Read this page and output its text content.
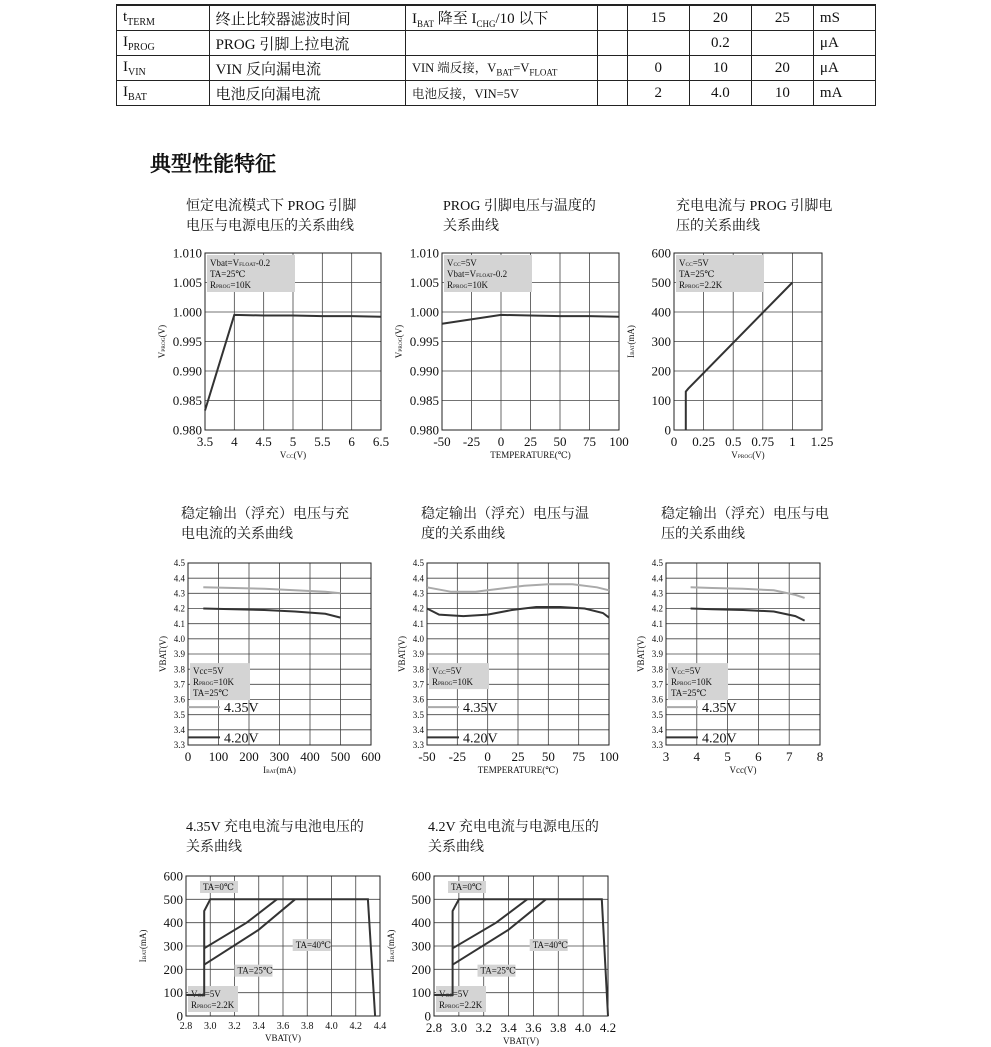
$t_{TERM}$	终止比较器滤波时间	$I_{BAT}$ 降至 $I_{CHG}/10$ 以下		15	20	25	mS
$I_{PROG}$	PROG 引脚上拉电流				0.2		μA
$I_{VIN}$	VIN 反向漏电流	VIN 端反接，$V_{BAT}=V_{FLOAT}$		0	10	20	μA
$I_{BAT}$	电池反向漏电流	电池反接，VIN=5V		2	4.0	10	mA
典型性能特征
恒定电流模式下 PROG 引脚
电压与电源电压的关系曲线
3.5 4 4.5 5 5.5 6 6.5
0.980
0.985
0.990
0.995
1.000
1.005
1.010
VCC(V)
VPROG(V)
Vbat=VFLOAT-0.2
TA=25℃
RPROG=10K
PROG 引脚电压与温度的
关系曲线
-50 -25 0 25 50 75 100
0.980
0.985
0.990
0.995
1.000
1.005
1.010
TEMPERATURE(℃)
VPROG(V)
VCC=5V
Vbat=VFLOAT-0.2
RPROG=10K
充电电流与 PROG 引脚电
压的关系曲线
0 0.25 0.5 0.75 1 1.25
0
100
200
300
400
500
600
VPROG(V)
IBAT(mA)
VCC=5V
TA=25℃
RPROG=2.2K
稳定输出（浮充）电压与充
电电流的关系曲线
0 100 200 300 400 500 600
3.3
3.4
3.5
3.6
3.7
3.8
3.9
4.0
4.1
4.2
4.3
4.4
4.5
IBAT(mA)
VBAT(V)	Vcc=5V
RPROG=10K
TA=25℃
4.35V
4.20V
稳定输出（浮充）电压与温
度的关系曲线
-50 -25 0 25 50 75 100
3.3
3.4
3.5
3.6
3.7
3.8
3.9
4.0
4.1
4.2
4.3
4.4
4.5
TEMPERATURE(℃)
VBAT(V)	VCC=5V
RPROG=10K
4.35V
4.20V
稳定输出（浮充）电压与电
压的关系曲线
3 4 5 6 7 8
3.3
3.4
3.5
3.6
3.7
3.8
3.9
4.0
4.1
4.2
4.3
4.4
4.5
Vcc(V)
VBAT(V)	VCC=5V
RPROG=10K
TA=25℃
4.35V
4.20V
4.35V 充电电流与电池电压的
关系曲线
2.8 3.0 3.2 3.4 3.6 3.8 4.0 4.2 4.4
0
100
200
300
400
500
600
VBAT(V)
IBAT(mA)
VCC=5V
RPROG=2.2K
TA=0℃
TA=40℃
TA=25℃
4.2V 充电电流与电源电压的
关系曲线
2.8 3.0 3.2 3.4 3.6 3.8 4.0 4.2
0
100
200
300
400
500
600
VBAT(V)
IBAT(mA)
VCC=5V
RPROG=2.2K
TA=0℃
TA=40℃
TA=25℃
